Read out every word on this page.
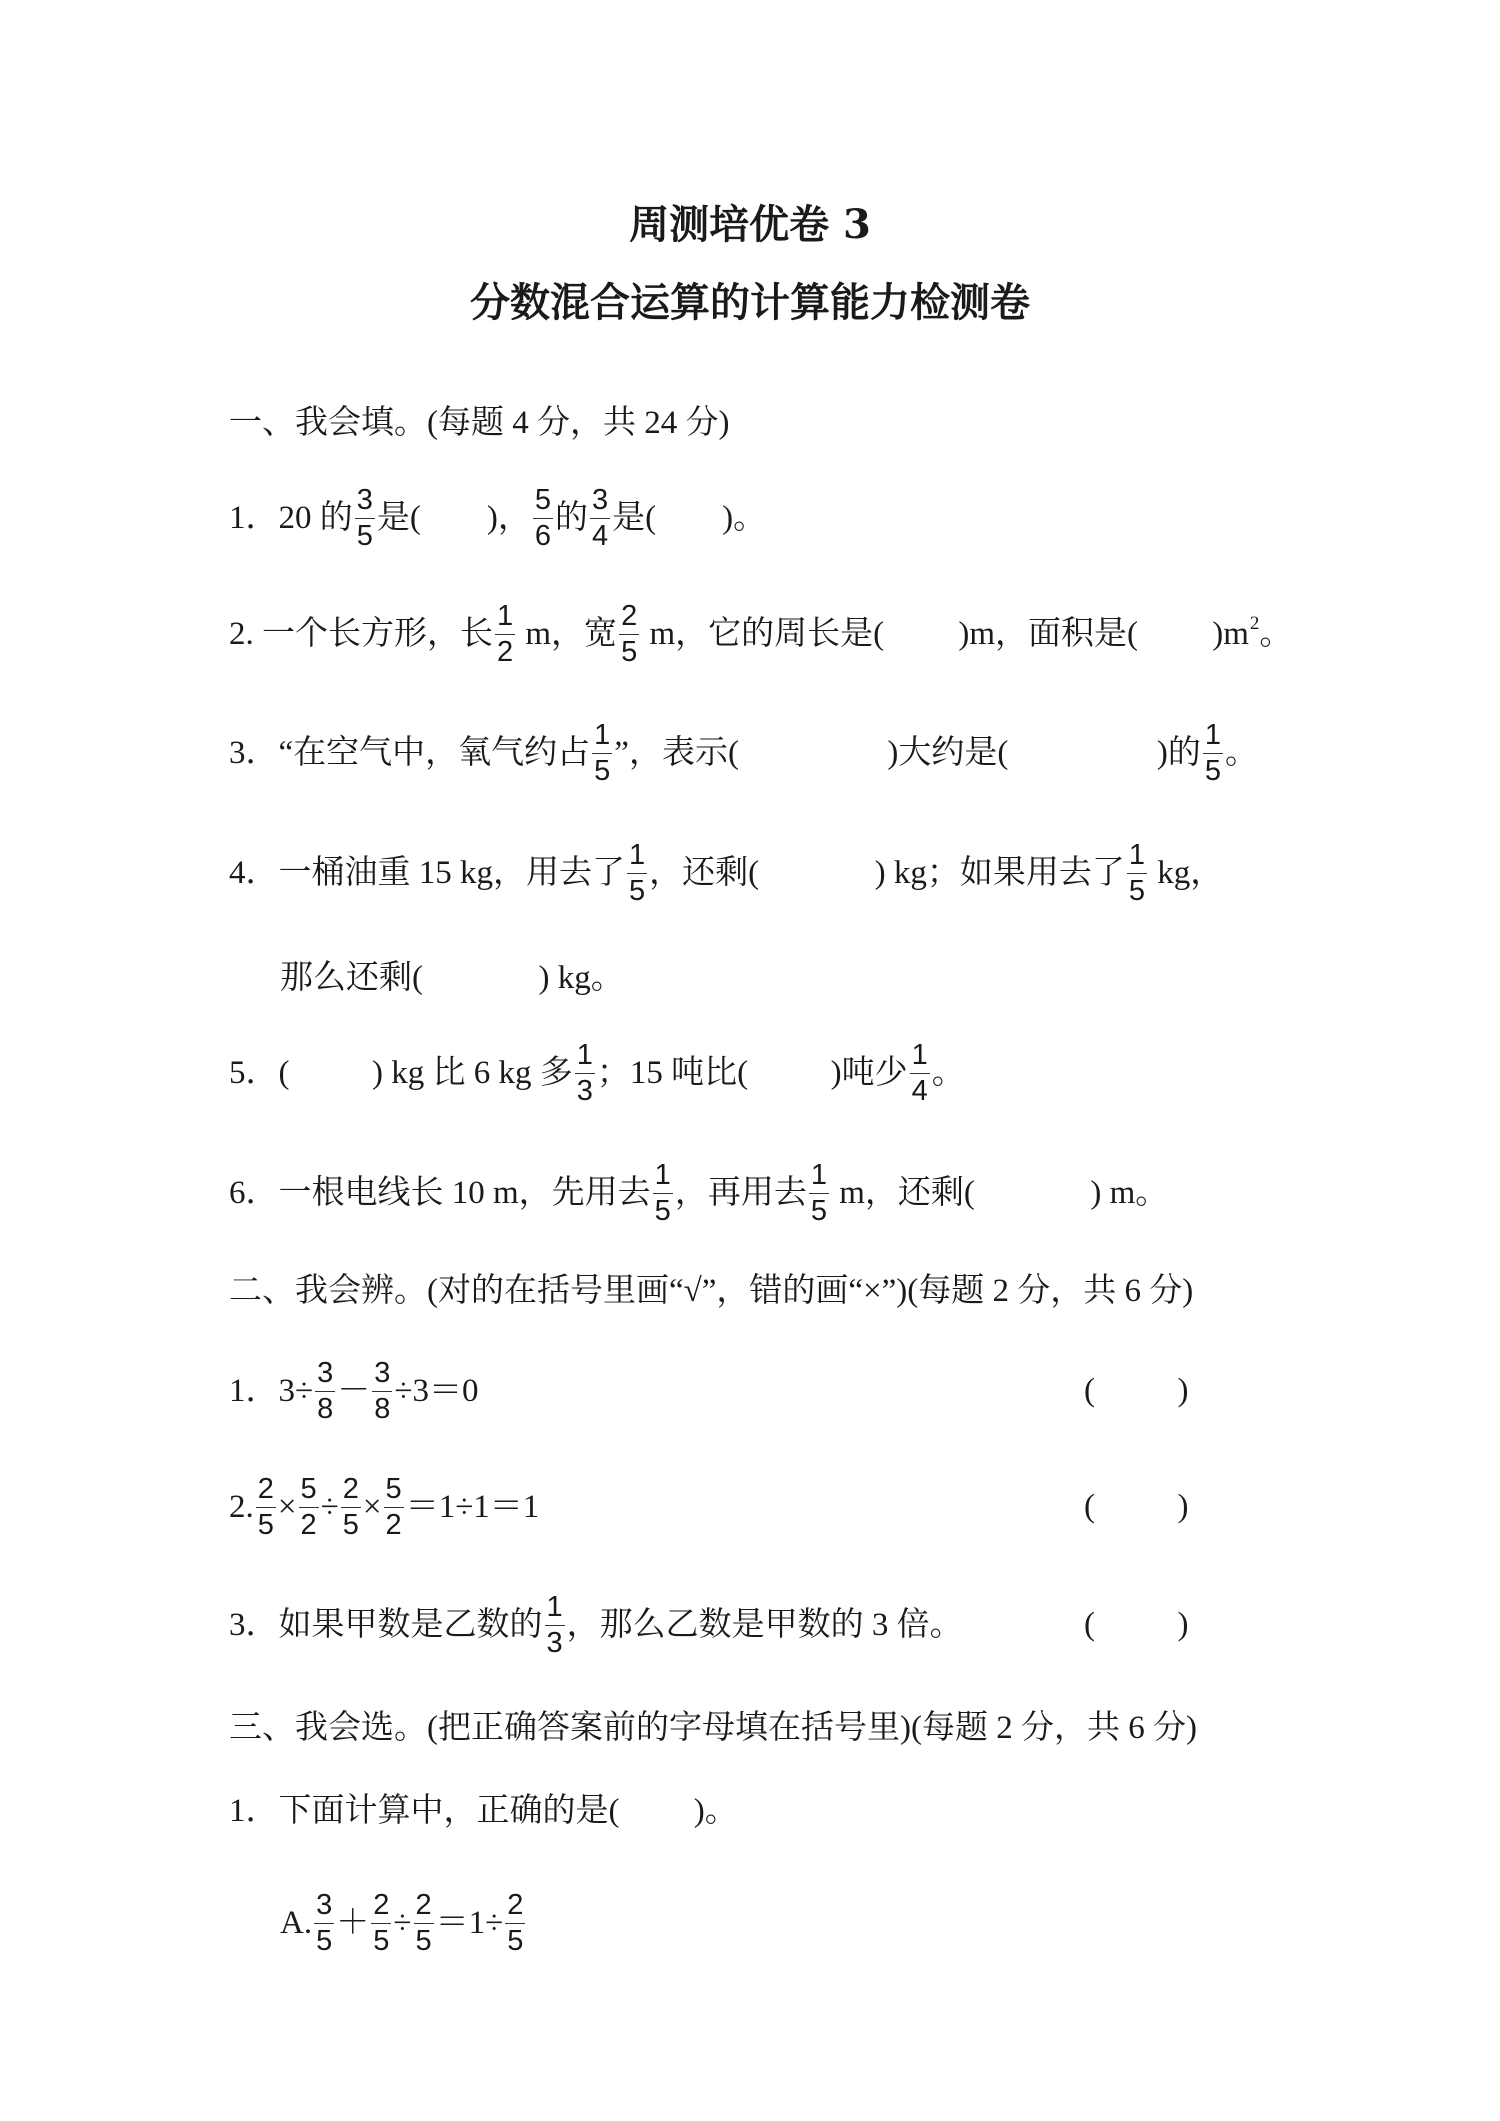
周测培优卷 3
分数混合运算的计算能力检测卷
一、我会填。(每题 4 分，共 24 分)
1．20 的 $\frac{3}{5}$ 是(        )， $\frac{5}{6}$ 的 $\frac{3}{4}$ 是(        )。
2. 一个长方形，长 $\frac{1}{2}$ m，宽 $\frac{2}{5}$ m，它的周长是(         )m，面积是(         )m 2 。
3．“在空气中，氧气约占 $\frac{1}{5}$ ”，表示(                  )大约是(                  )的 $\frac{1}{5}$ 。
4．一桶油重 15 kg，用去了 $\frac{1}{5}$ ，还剩(              ) kg；如果用去了 $\frac{1}{5}$ kg，
那么还剩(              ) kg。
5．(          ) kg 比 6 kg 多 $\frac{1}{3}$ ；15 吨比(          )吨少 $\frac{1}{4}$ 。
6．一根电线长 10 m，先用去 $\frac{1}{5}$ ，再用去 $\frac{1}{5}$ m，还剩(              ) m。
二、我会辨。(对的在括号里画“√”，错的画“×”)(每题 2 分，共 6 分)
(          )
1．$3\div \frac{3}{8} - \frac{3}{8} \div 3=0$
(          )
2. $\frac{2}{5} \times \frac{5}{2} \div \frac{2}{5} \times \frac{5}{2} =1\div 1=1$
(          )
3．如果甲数是乙数的 $\frac{1}{3}$ ，那么乙数是甲数的 3 倍。
三、我会选。(把正确答案前的字母填在括号里)(每题 2 分，共 6 分)
1．下面计算中，正确的是(         )。
A. $\frac{3}{5} + \frac{2}{5} \div \frac{2}{5} =1\div \frac{2}{5}$
